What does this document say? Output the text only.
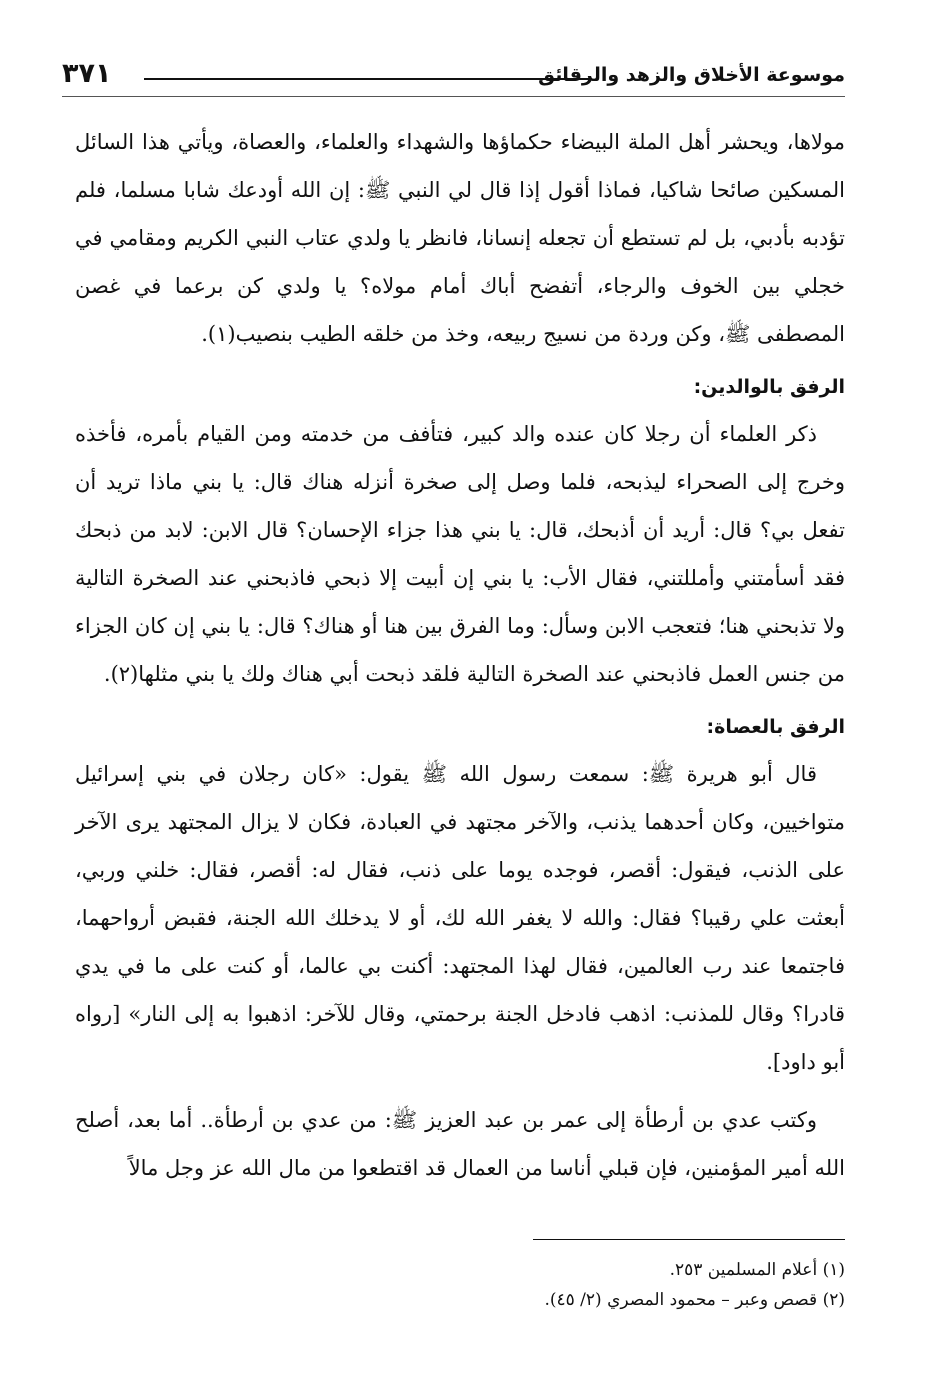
موسوعة الأخلاق والزهد والرقائق
٣٧١

مولاها، ويحشر أهل الملة البيضاء حكماؤها والشهداء والعلماء، والعصاة، ويأتي هذا السائل المسكين صائحا شاكيا، فماذا أقول إذا قال لي النبي ﷺ: إن الله أودعك شابا مسلما، فلم تؤدبه بأدبي، بل لم تستطع أن تجعله إنسانا، فانظر يا ولدي عتاب النبي الكريم ومقامي في خجلي بين الخوف والرجاء، أتفضح أباك أمام مولاه؟ يا ولدي كن برعما في غصن المصطفى ﷺ، وكن وردة من نسيج ربيعه، وخذ من خلقه الطيب بنصيب(١).

الرفق بالوالدين:

ذكر العلماء أن رجلا كان عنده والد كبير، فتأفف من خدمته ومن القيام بأمره، فأخذه وخرج إلى الصحراء ليذبحه، فلما وصل إلى صخرة أنزله هناك قال: يا بني ماذا تريد أن تفعل بي؟ قال: أريد أن أذبحك، قال: يا بني هذا جزاء الإحسان؟ قال الابن: لابد من ذبحك فقد أسأمتني وأمللتني، فقال الأب: يا بني إن أبيت إلا ذبحي فاذبحني عند الصخرة التالية ولا تذبحني هنا؛ فتعجب الابن وسأل: وما الفرق بين هنا أو هناك؟ قال: يا بني إن كان الجزاء من جنس العمل فاذبحني عند الصخرة التالية فلقد ذبحت أبي هناك ولك يا بني مثلها(٢).

الرفق بالعصاة:

قال أبو هريرة ﷺ: سمعت رسول الله ﷺ يقول: «كان رجلان في بني إسرائيل متواخيين، وكان أحدهما يذنب، والآخر مجتهد في العبادة، فكان لا يزال المجتهد يرى الآخر على الذنب، فيقول: أقصر، فوجده يوما على ذنب، فقال له: أقصر، فقال: خلني وربي، أبعثت علي رقيبا؟ فقال: والله لا يغفر الله لك، أو لا يدخلك الله الجنة، فقبض أرواحهما، فاجتمعا عند رب العالمين، فقال لهذا المجتهد: أكنت بي عالما، أو كنت على ما في يدي قادرا؟ وقال للمذنب: اذهب فادخل الجنة برحمتي، وقال للآخر: اذهبوا به إلى النار» [رواه أبو داود].

وكتب عدي بن أرطأة إلى عمر بن عبد العزيز ﷺ: من عدي بن أرطأة.. أما بعد، أصلح الله أمير المؤمنين، فإن قبلي أناسا من العمال قد اقتطعوا من مال الله عز وجل مالاً

(١) أعلام المسلمين ٢٥٣.

(٢) قصص وعبر – محمود المصري (٢/ ٤٥).
